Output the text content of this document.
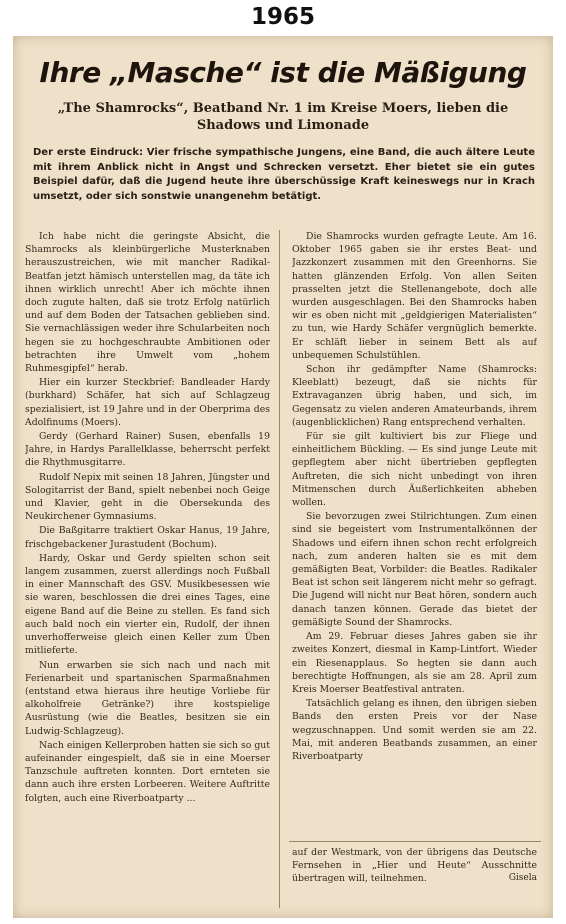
1965
Ihre „Masche“ ist die Mäßigung
„The Shamrocks“, Beatband Nr. 1 im Kreise Moers, lieben die Shadows und Limonade
Der erste Eindruck: Vier frische sympathische Jungens, eine Band, die auch ältere Leute mit ihrem Anblick nicht in Angst und Schrecken versetzt. Eher bietet sie ein gutes Beispiel dafür, daß die Jugend heute ihre überschüssige Kraft keineswegs nur in Krach umsetzt, oder sich sonstwie unangenehm betätigt.

Ich habe nicht die geringste Absicht, die Shamrocks als kleinbürgerliche Musterknaben herauszustreichen, wie mit mancher Radikal-Beatfan jetzt hämisch unterstellen mag, da täte ich ihnen wirklich unrecht! Aber ich möchte ihnen doch zugute halten, daß sie trotz Erfolg natürlich und auf dem Boden der Tatsachen geblieben sind. Sie vernachlässigen weder ihre Schularbeiten noch hegen sie zu hochgeschraubte Ambitionen oder betrachten ihre Umwelt vom „hohem Ruhmesgipfel“ herab.

Hier ein kurzer Steckbrief: Bandleader Hardy (burkhard) Schäfer, hat sich auf Schlagzeug spezialisiert, ist 19 Jahre und in der Oberprima des Adolfinums (Moers).

Gerdy (Gerhard Rainer) Susen, ebenfalls 19 Jahre, in Hardys Parallelklasse, beherrscht perfekt die Rhythmusgitarre.

Rudolf Nepix mit seinen 18 Jahren, Jüngster und Sologitarrist der Band, spielt nebenbei noch Geige und Klavier, geht in die Obersekunda des Neukirchener Gymnasiums.

Die Baßgitarre traktiert Oskar Hanus, 19 Jahre, frischgebackener Jurastudent (Bochum).

Hardy, Oskar und Gerdy spielten schon seit langem zusammen, zuerst allerdings noch Fußball in einer Mannschaft des GSV. Musikbesessen wie sie waren, beschlossen die drei eines Tages, eine eigene Band auf die Beine zu stellen. Es fand sich auch bald noch ein vierter ein, Rudolf, der ihnen unverhofferweise gleich einen Keller zum Üben mitlieferte.

Nun erwarben sie sich nach und nach mit Ferienarbeit und spartanischen Sparmaßnahmen (entstand etwa hieraus ihre heutige Vorliebe für alkoholfreie Getränke?) ihre kostspielige Ausrüstung (wie die Beatles, besitzen sie ein Ludwig-Schlagzeug).

Nach einigen Kellerproben hatten sie sich so gut aufeinander eingespielt, daß sie in eine Moerser Tanzschule auftreten konnten. Dort ernteten sie dann auch ihre ersten Lorbeeren. Weitere Auftritte folgten, auch eine Riverboatparty ...

Die Shamrocks wurden gefragte Leute. Am 16. Oktober 1965 gaben sie ihr erstes Beat- und Jazzkonzert zusammen mit den Greenhorns. Sie hatten glänzenden Erfolg. Von allen Seiten prasselten jetzt die Stellenangebote, doch alle wurden ausgeschlagen. Bei den Shamrocks haben wir es oben nicht mit „geldgierigen Materialisten“ zu tun, wie Hardy Schäfer vergnüglich bemerkte. Er schläft lieber in seinem Bett als auf unbequemen Schulstühlen.

Schon ihr gedämpfter Name (Shamrocks: Kleeblatt) bezeugt, daß sie nichts für Extravaganzen übrig haben, und sich, im Gegensatz zu vielen anderen Amateurbands, ihrem (augenblicklichen) Rang entsprechend verhalten.

Für sie gilt kultiviert bis zur Fliege und einheitlichem Bückling. — Es sind junge Leute mit gepflegtem aber nicht übertrieben gepflegten Auftreten, die sich nicht unbedingt von ihren Mitmenschen durch Äußerlichkeiten abheben wollen.

Sie bevorzugen zwei Stilrichtungen. Zum einen sind sie begeistert vom Instrumentalkönnen der Shadows und eifern ihnen schon recht erfolgreich nach, zum anderen halten sie es mit dem gemäßigten Beat, Vorbilder: die Beatles. Radikaler Beat ist schon seit längerem nicht mehr so gefragt. Die Jugend will nicht nur Beat hören, sondern auch danach tanzen können. Gerade das bietet der gemäßigte Sound der Shamrocks.

Am 29. Februar dieses Jahres gaben sie ihr zweites Konzert, diesmal in Kamp-Lintfort. Wieder ein Riesenapplaus. So hegten sie dann auch berechtigte Hoffnungen, als sie am 28. April zum Kreis Moerser Beatfestival antraten.

Tatsächlich gelang es ihnen, den übrigen sieben Bands den ersten Preis vor der Nase wegzuschnappen. Und somit werden sie am 22. Mai, mit anderen Beatbands zusammen, an einer Riverboatparty

auf der Westmark, von der übrigens das Deutsche Fernsehen in „Hier und Heute“ Ausschnitte übertragen will, teilnehmen.	Gisela
